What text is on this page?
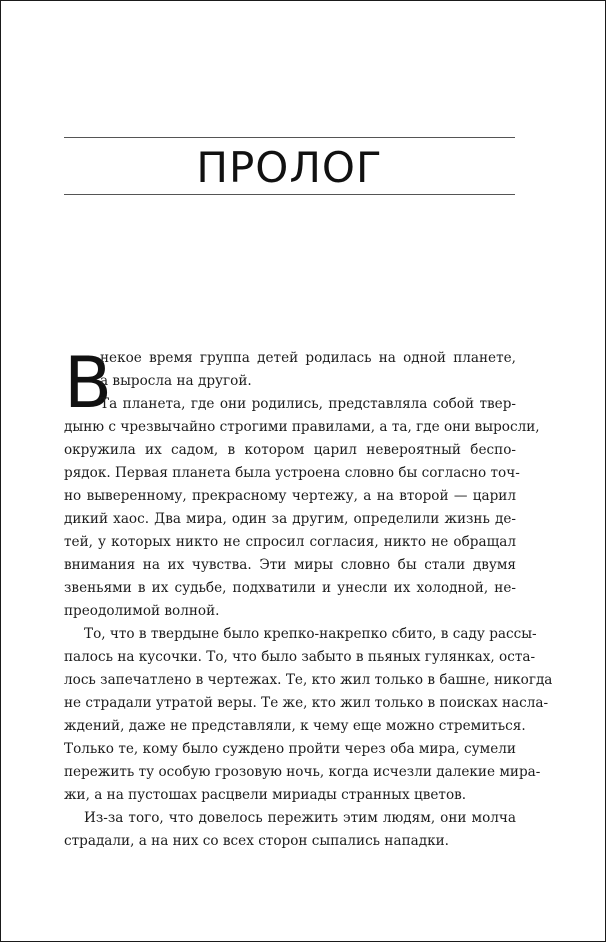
ПРОЛОГ
В
некое время группа детей родилась на одной планете,
а выросла на другой.
Та планета, где они родились, представляла собой твер-
дыню с чрезвычайно строгими правилами, а та, где они выросли,
окружила их садом, в котором царил невероятный беспо-
рядок. Первая планета была устроена словно бы согласно точ-
но выверенному, прекрасному чертежу, а на второй — царил
дикий хаос. Два мира, один за другим, определили жизнь де-
тей, у которых никто не спросил согласия, никто не обращал
внимания на их чувства. Эти миры словно бы стали двумя
звеньями в их судьбе, подхватили и унесли их холодной, не-
преодолимой волной.
То, что в твердыне было крепко-накрепко сбито, в саду рассы-
палось на кусочки. То, что было забыто в пьяных гулянках, оста-
лось запечатлено в чертежах. Те, кто жил только в башне, никогда
не страдали утратой веры. Те же, кто жил только в поисках насла-
ждений, даже не представляли, к чему еще можно стремиться.
Только те, кому было суждено пройти через оба мира, сумели
пережить ту особую грозовую ночь, когда исчезли далекие мира-
жи, а на пустошах расцвели мириады странных цветов.
Из-за того, что довелось пережить этим людям, они молча
страдали, а на них со всех сторон сыпались нападки.
